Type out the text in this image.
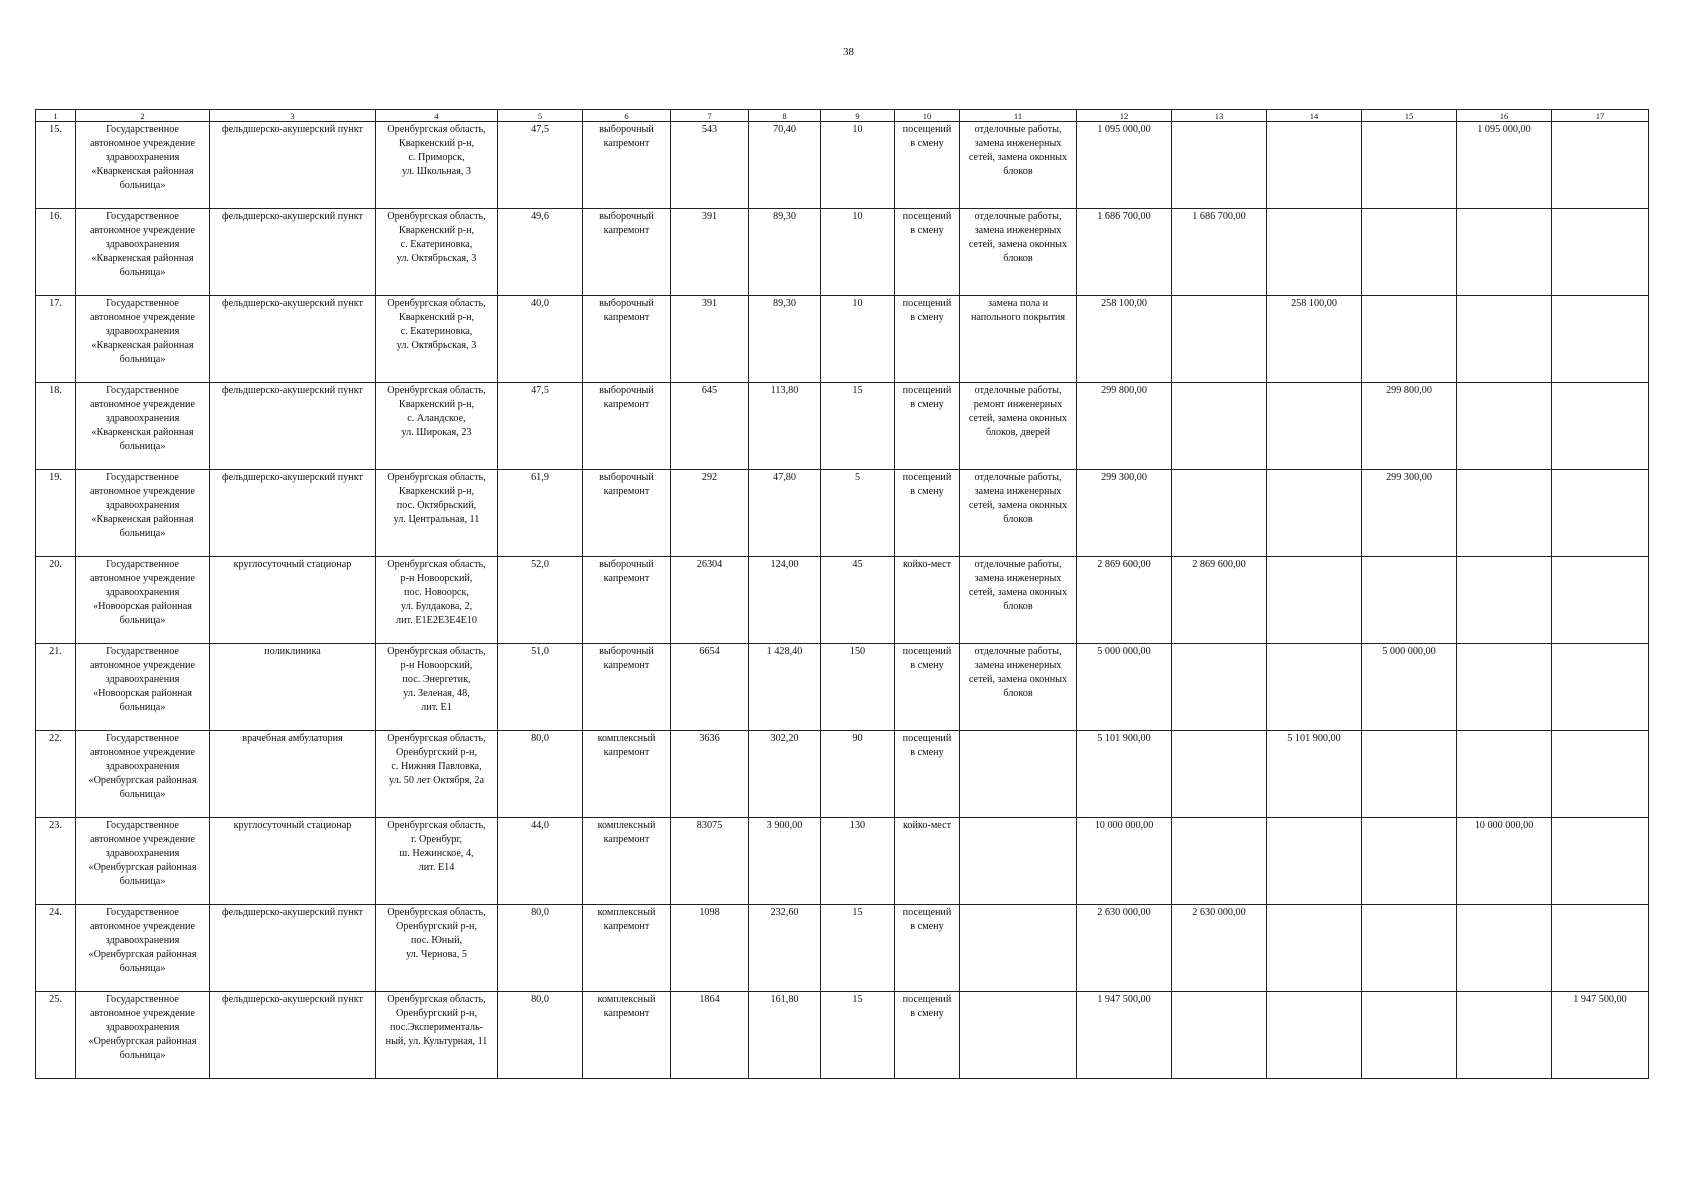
38
1	2	3	4	5	6	7	8	9	10	11	12	13	14	15	16	17
15.	Государственное
автономное учреждение
здравоохранения
«Кваркенская районная
больница»	фельдшерско-акушерский пункт	Оренбургская область,
Кваркенский р-н,
с. Приморск,
ул. Школьная, 3	47,5	выборочный
капремонт	543	70,40	10	посещений
в смену	отделочные работы,
замена инженерных
сетей, замена оконных
блоков	1 095 000,00				1 095 000,00	
16.	Государственное
автономное учреждение
здравоохранения
«Кваркенская районная
больница»	фельдшерско-акушерский пункт	Оренбургская область,
Кваркенский р-н,
с. Екатериновка,
ул. Октябрьская, 3	49,6	выборочный
капремонт	391	89,30	10	посещений
в смену	отделочные работы,
замена инженерных
сетей, замена оконных
блоков	1 686 700,00	1 686 700,00				
17.	Государственное
автономное учреждение
здравоохранения
«Кваркенская районная
больница»	фельдшерско-акушерский пункт	Оренбургская область,
Кваркенский р-н,
с. Екатериновка,
ул. Октябрьская, 3	40,0	выборочный
капремонт	391	89,30	10	посещений
в смену	замена пола и
напольного покрытия	258 100,00		258 100,00			
18.	Государственное
автономное учреждение
здравоохранения
«Кваркенская районная
больница»	фельдшерско-акушерский пункт	Оренбургская область,
Кваркенский р-н,
с. Аландское,
ул. Широкая, 23	47,5	выборочный
капремонт	645	113,80	15	посещений
в смену	отделочные работы,
ремонт инженерных
сетей, замена оконных
блоков, дверей	299 800,00			299 800,00		
19.	Государственное
автономное учреждение
здравоохранения
«Кваркенская районная
больница»	фельдшерско-акушерский пункт	Оренбургская область,
Кваркенский р-н,
пос. Октябрьский,
ул. Центральная, 11	61,9	выборочный
капремонт	292	47,80	5	посещений
в смену	отделочные работы,
замена инженерных
сетей, замена оконных
блоков	299 300,00			299 300,00		
20.	Государственное
автономное учреждение
здравоохранения
«Новоорская районная
больница»	круглосуточный стационар	Оренбургская область,
р-н Новоорский,
пос. Новоорск,
ул. Булдакова, 2,
лит. Е1Е2Е3Е4Е10	52,0	выборочный
капремонт	26304	124,00	45	койко-мест	отделочные работы,
замена инженерных
сетей, замена оконных
блоков	2 869 600,00	2 869 600,00				
21.	Государственное
автономное учреждение
здравоохранения
«Новоорская районная
больница»	поликлиника	Оренбургская область,
р-н Новоорский,
пос. Энергетик,
ул. Зеленая, 48,
лит. Е1	51,0	выборочный
капремонт	6654	1 428,40	150	посещений
в смену	отделочные работы,
замена инженерных
сетей, замена оконных
блоков	5 000 000,00			5 000 000,00		
22.	Государственное
автономное учреждение
здравоохранения
«Оренбургская районная
больница»	врачебная амбулатория	Оренбургская область,
Оренбургский р-н,
с. Нижняя Павловка,
ул. 50 лет Октября, 2а	80,0	комплексный
капремонт	3636	302,20	90	посещений
в смену		5 101 900,00		5 101 900,00			
23.	Государственное
автономное учреждение
здравоохранения
«Оренбургская районная
больница»	круглосуточный стационар	Оренбургская область,
г. Оренбург,
ш. Нежинское, 4,
лит. Е14	44,0	комплексный
капремонт	83075	3 900,00	130	койко-мест		10 000 000,00				10 000 000,00	
24.	Государственное
автономное учреждение
здравоохранения
«Оренбургская районная
больница»	фельдшерско-акушерский пункт	Оренбургская область,
Оренбургский р-н,
пос. Юный,
ул. Чернова, 5	80,0	комплексный
капремонт	1098	232,60	15	посещений
в смену		2 630 000,00	2 630 000,00				
25.	Государственное
автономное учреждение
здравоохранения
«Оренбургская районная
больница»	фельдшерско-акушерский пункт	Оренбургская область,
Оренбургский р-н,
пос.Эксперименталь-
ный, ул. Культурная, 11	80,0	комплексный
капремонт	1864	161,80	15	посещений
в смену		1 947 500,00					1 947 500,00
